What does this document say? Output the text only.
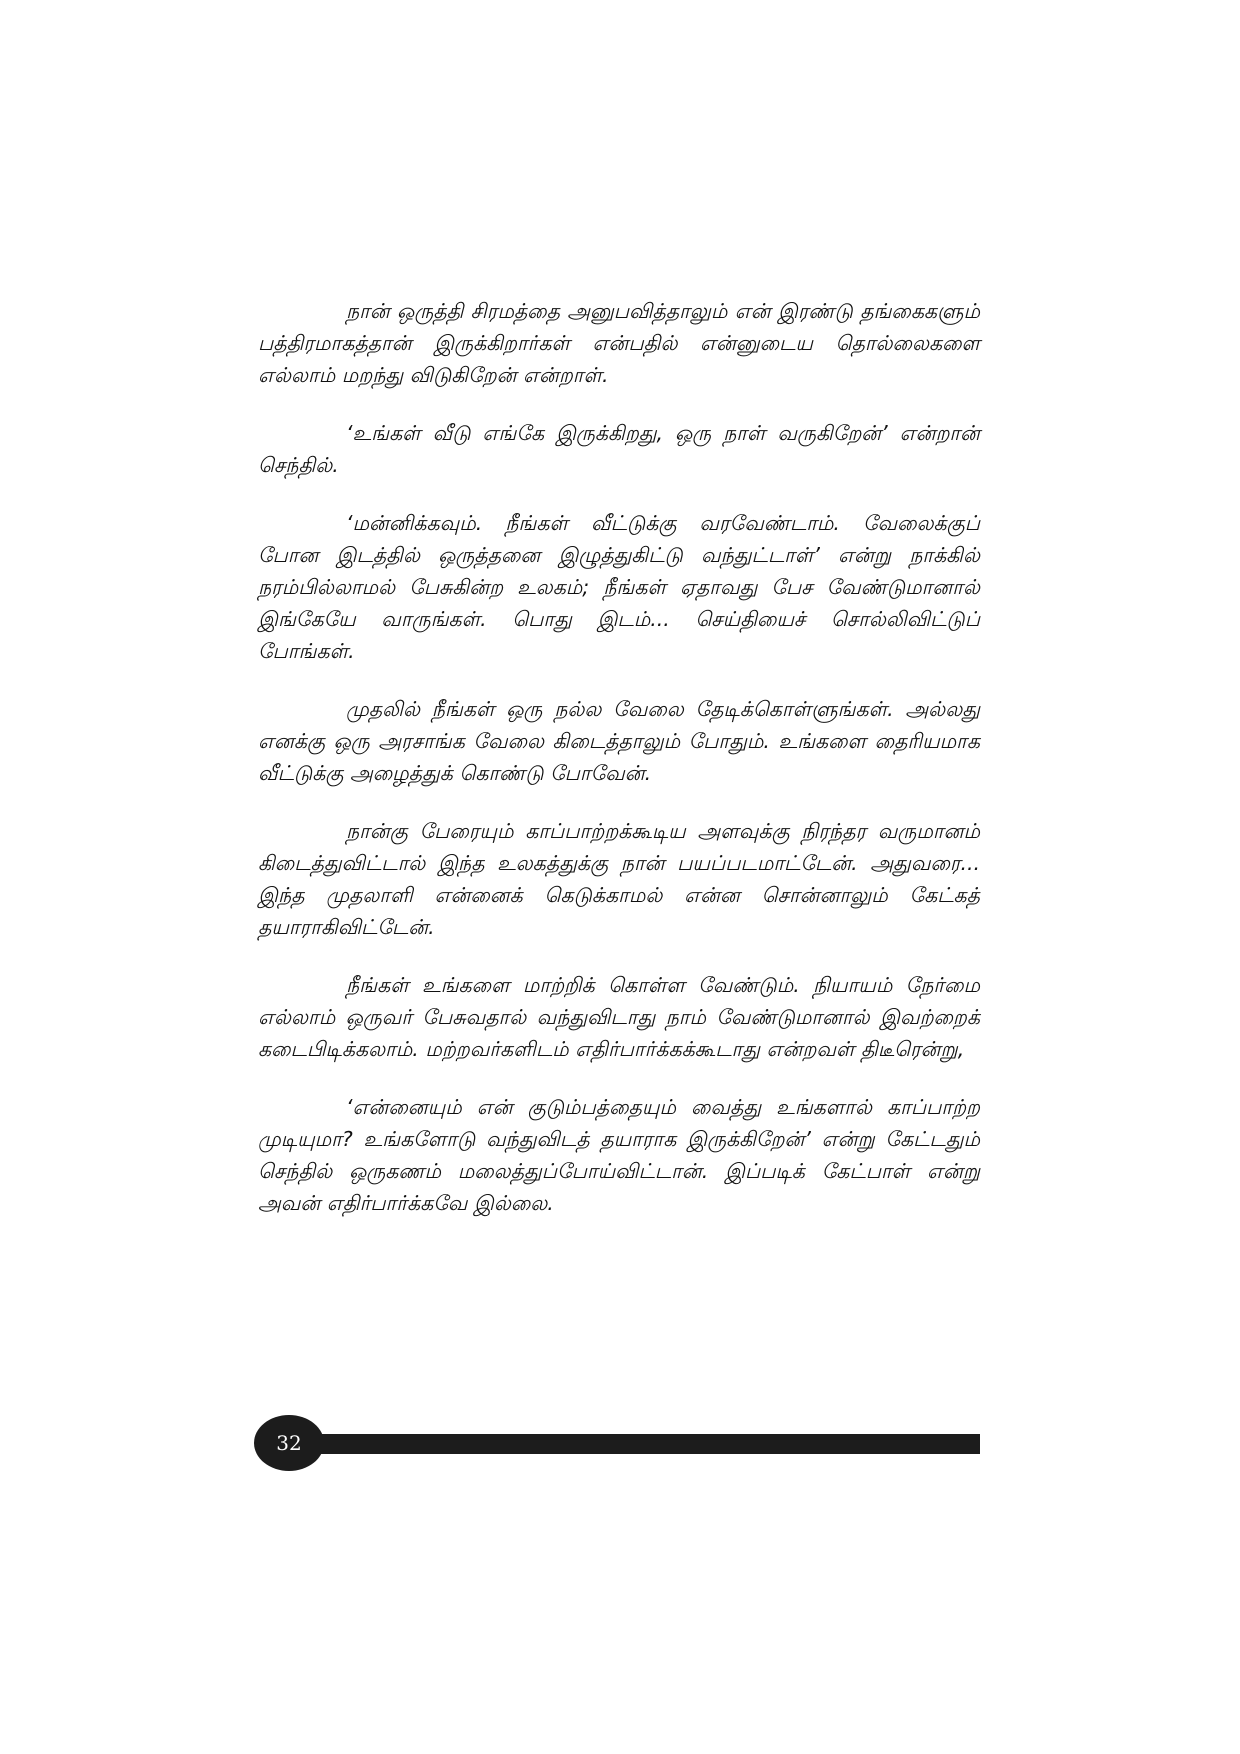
நான் ஒருத்தி சிரமத்தை அனுபவித்தாலும் என் இரண்டு தங்கைகளும் பத்திரமாகத்தான் இருக்கிறார்கள் என்பதில் என்னுடைய தொல்லைகளை எல்லாம் மறந்து விடுகிறேன் என்றாள்.

‘உங்கள் வீடு எங்கே இருக்கிறது, ஒரு நாள் வருகிறேன்’ என்றான் செந்தில்.

‘மன்னிக்கவும். நீங்கள் வீட்டுக்கு வரவேண்டாம். வேலைக்குப் போன இடத்தில் ஒருத்தனை இழுத்துகிட்டு வந்துட்டாள்’ என்று நாக்கில் நரம்பில்லாமல் பேசுகின்ற உலகம்; நீங்கள் ஏதாவது பேச வேண்டுமானால் இங்கேயே வாருங்கள். பொது இடம்... செய்தியைச் சொல்லிவிட்டுப் போங்கள்.

முதலில் நீங்கள் ஒரு நல்ல வேலை தேடிக்கொள்ளுங்கள். அல்லது எனக்கு ஒரு அரசாங்க வேலை கிடைத்தாலும் போதும். உங்களை தைரியமாக வீட்டுக்கு அழைத்துக் கொண்டு போவேன்.

நான்கு பேரையும் காப்பாற்றக்கூடிய அளவுக்கு நிரந்தர வருமானம் கிடைத்துவிட்டால் இந்த உலகத்துக்கு நான் பயப்படமாட்டேன். அதுவரை... இந்த முதலாளி என்னைக் கெடுக்காமல் என்ன சொன்னாலும் கேட்கத் தயாராகிவிட்டேன்.

நீங்கள் உங்களை மாற்றிக் கொள்ள வேண்டும். நியாயம் நேர்மை எல்லாம் ஒருவர் பேசுவதால் வந்துவிடாது நாம் வேண்டுமானால் இவற்றைக் கடைபிடிக்கலாம். மற்றவர்களிடம் எதிர்பார்க்கக்கூடாது என்றவள் திடீரென்று,

‘என்னையும் என் குடும்பத்தையும் வைத்து உங்களால் காப்பாற்ற முடியுமா? உங்களோடு வந்துவிடத் தயாராக இருக்கிறேன்’ என்று கேட்டதும் செந்தில் ஒருகணம் மலைத்துப்போய்விட்டான். இப்படிக் கேட்பாள் என்று அவன் எதிர்பார்க்கவே இல்லை.

32
